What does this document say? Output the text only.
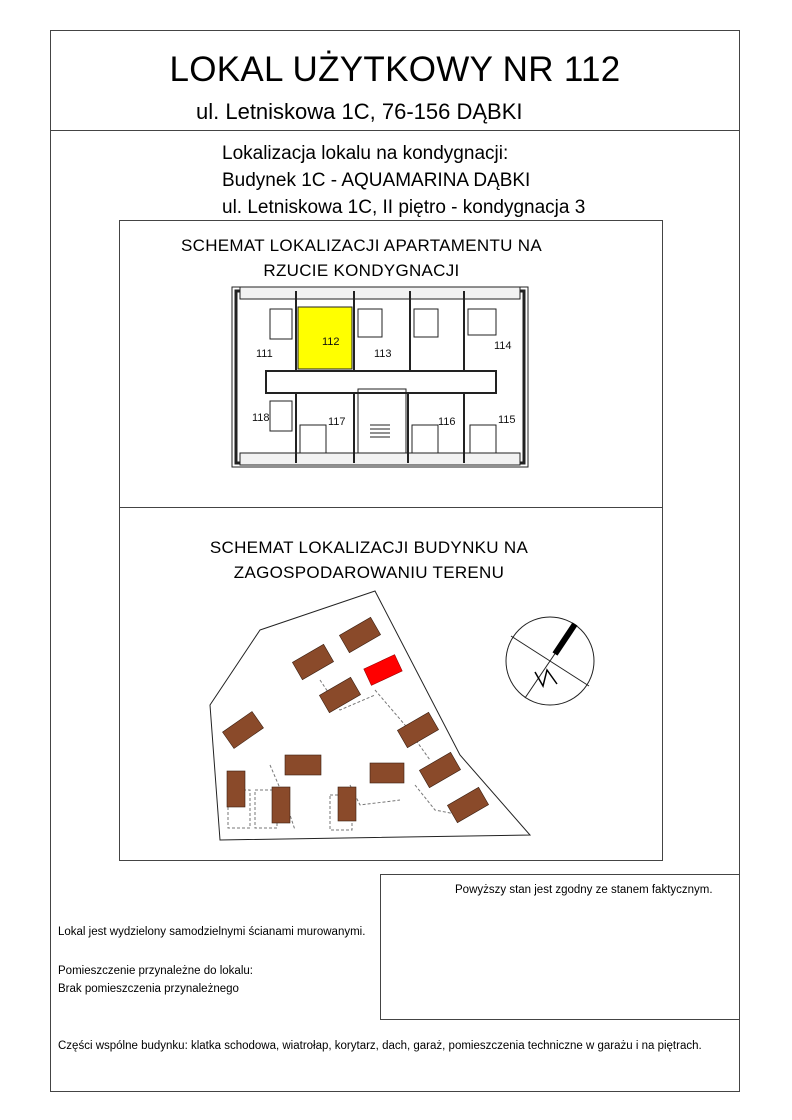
LOKAL UŻYTKOWY NR 112
ul. Letniskowa 1C, 76-156 DĄBKI
Lokalizacja lokalu na kondygnacji:
Budynek 1C - AQUAMARINA DĄBKI
ul. Letniskowa 1C, II piętro - kondygnacja 3
SCHEMAT LOKALIZACJI APARTAMENTU NA
RZUCIE KONDYGNACJI
111
112
113
114
115
116
117
118
SCHEMAT LOKALIZACJI BUDYNKU NA
ZAGOSPODAROWANIU TERENU
Powyższy stan jest zgodny ze stanem faktycznym.
Lokal jest wydzielony samodzielnymi ścianami murowanymi.
Pomieszczenie przynależne do lokalu:
Brak pomieszczenia przynależnego
Części wspólne budynku: klatka schodowa, wiatrołap, korytarz, dach, garaż, pomieszczenia techniczne w garażu i na piętrach.
